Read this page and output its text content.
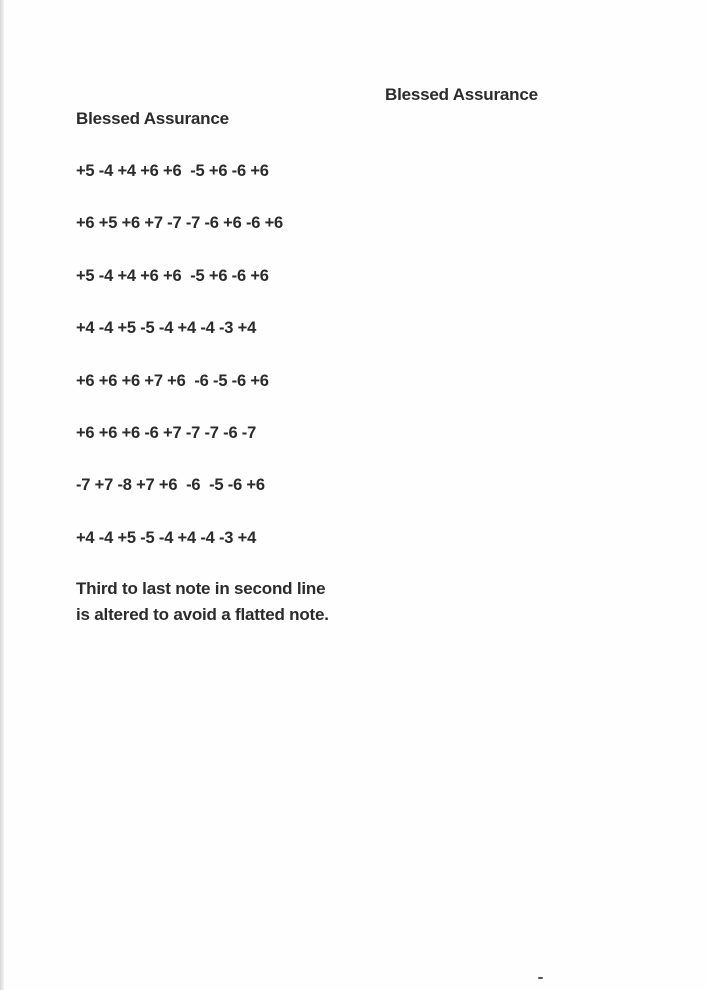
Blessed Assurance
Blessed Assurance
+5 -4 +4 +6 +6  -5 +6 -6 +6
+6 +5 +6 +7 -7 -7 -6 +6 -6 +6
+5 -4 +4 +6 +6  -5 +6 -6 +6
+4 -4 +5 -5 -4 +4 -4 -3 +4
+6 +6 +6 +7 +6  -6 -5 -6 +6
+6 +6 +6 -6 +7 -7 -7 -6 -7
-7 +7 -8 +7 +6  -6  -5 -6 +6
+4 -4 +5 -5 -4 +4 -4 -3 +4
Third to last note in second line
is altered to avoid a flatted note.
